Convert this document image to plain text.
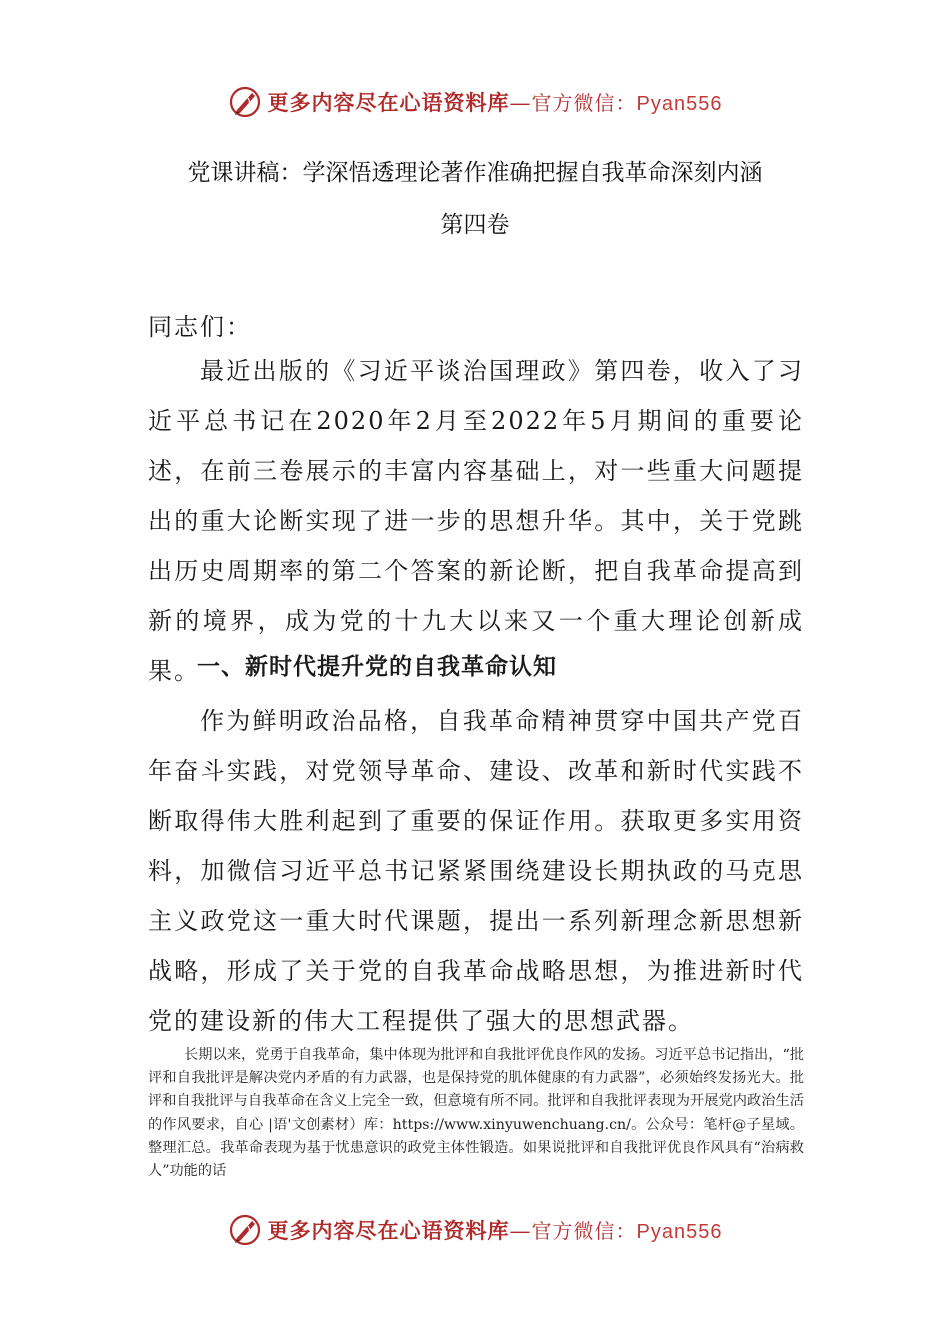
更多内容尽在心语资料库—官方微信：Pyan556
党课讲稿：学深悟透理论著作准确把握自我革命深刻内涵
第四卷
同志们：

最近出版的《习近平谈治国理政》第四卷，收入了习近平总书记在2020年2月至2022年5月期间的重要论述，在前三卷展示的丰富内容基础上，对一些重大问题提出的重大论断实现了进一步的思想升华。其中，关于党跳出历史周期率的第二个答案的新论断，把自我革命提高到新的境界，成为党的十九大以来又一个重大理论创新成果。

一、新时代提升党的自我革命认知

作为鲜明政治品格，自我革命精神贯穿中国共产党百年奋斗实践，对党领导革命、建设、改革和新时代实践不断取得伟大胜利起到了重要的保证作用。获取更多实用资料，加微信习近平总书记紧紧围绕建设长期执政的马克思主义政党这一重大时代课题，提出一系列新理念新思想新战略，形成了关于党的自我革命战略思想，为推进新时代党的建设新的伟大工程提供了强大的思想武器。

长期以来，党勇于自我革命，集中体现为批评和自我批评优良作风的发扬。习近平总书记指出，“批评和自我批评是解决党内矛盾的有力武器，也是保持党的肌体健康的有力武器”，必须始终发扬光大。批评和自我批评与自我革命在含义上完全一致，但意境有所不同。批评和自我批评表现为开展党内政治生活的作风要求，自心 |语'文创素材）库：https://www.xinyuwenchuang.cn/。公众号：笔杆@子星域。整理汇总。我革命表现为基于忧患意识的政党主体性锻造。如果说批评和自我批评优良作风具有“治病救人”功能的话

更多内容尽在心语资料库—官方微信：Pyan556
